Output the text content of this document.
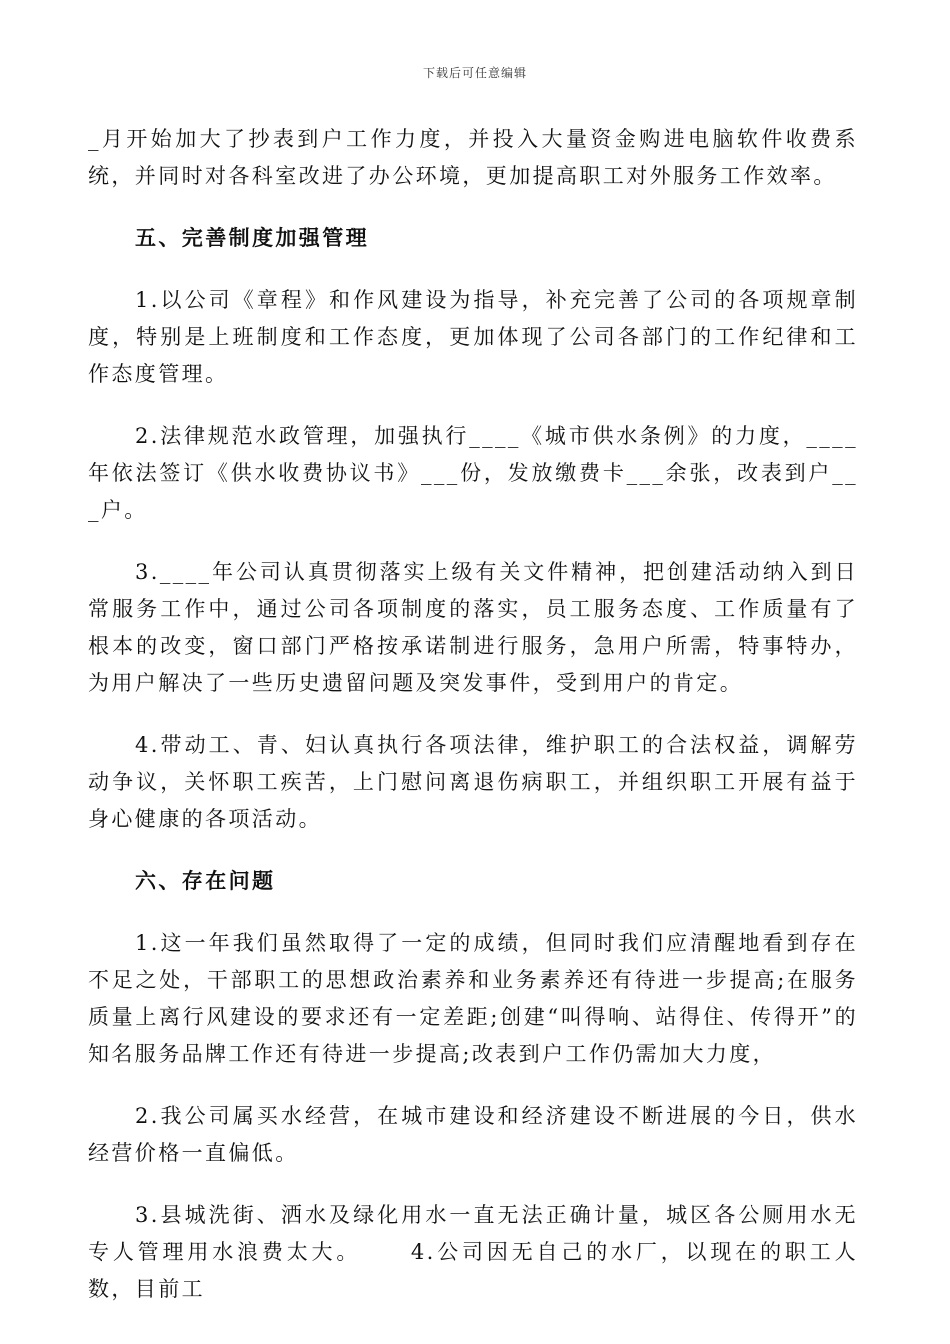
下载后可任意编辑

_月开始加大了抄表到户工作力度，并投入大量资金购进电脑软件收费系统，并同时对各科室改进了办公环境，更加提高职工对外服务工作效率。

五、完善制度加强管理

1.以公司《章程》和作风建设为指导，补充完善了公司的各项规章制度，特别是上班制度和工作态度，更加体现了公司各部门的工作纪律和工作态度管理。

2.法律规范水政管理，加强执行____《城市供水条例》的力度，____年依法签订《供水收费协议书》___份，发放缴费卡___余张，改表到户___户。

3.____年公司认真贯彻落实上级有关文件精神，把创建活动纳入到日常服务工作中，通过公司各项制度的落实，员工服务态度、工作质量有了根本的改变，窗口部门严格按承诺制进行服务，急用户所需，特事特办，为用户解决了一些历史遗留问题及突发事件，受到用户的肯定。

4.带动工、青、妇认真执行各项法律，维护职工的合法权益，调解劳动争议，关怀职工疾苦，上门慰问离退伤病职工，并组织职工开展有益于身心健康的各项活动。

六、存在问题

1.这一年我们虽然取得了一定的成绩，但同时我们应清醒地看到存在不足之处，干部职工的思想政治素养和业务素养还有待进一步提高;在服务质量上离行风建设的要求还有一定差距;创建“叫得响、站得住、传得开”的知名服务品牌工作还有待进一步提高;改表到户工作仍需加大力度，

2.我公司属买水经营，在城市建设和经济建设不断进展的今日，供水经营价格一直偏低。

3.县城洗街、洒水及绿化用水一直无法正确计量，城区各公厕用水无专人管理用水浪费太大。　　 4.公司因无自己的水厂，以现在的职工人数，目前工
